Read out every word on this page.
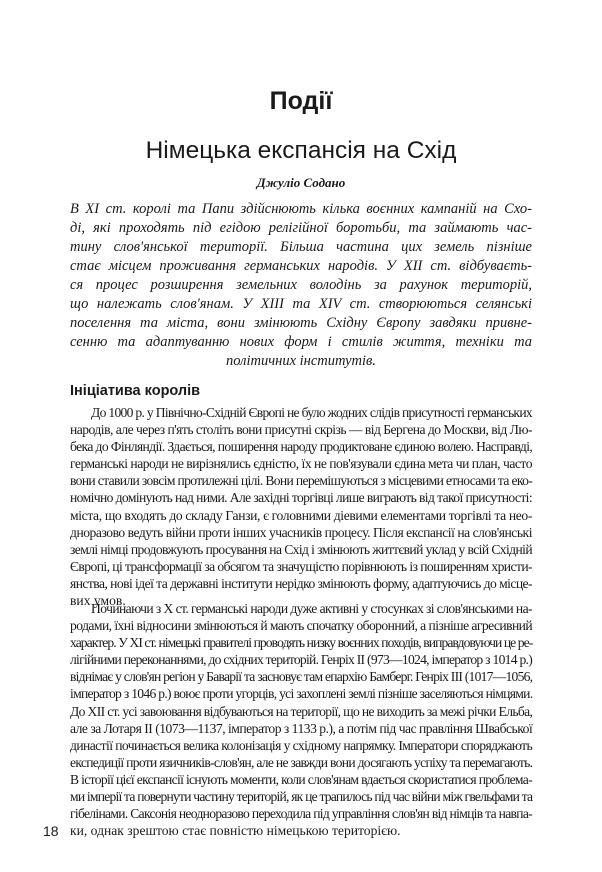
Події
Німецька експансія на Схід

Джуліо Содано

В XI ст. королі та Папи здійснюють кілька воєнних кампаній на Схо-
ді, які проходять під егідою релігійної боротьби, та займають час-
тину слов'янської території. Більша частина цих земель пізніше
стає місцем проживання германських народів. У XII ст. відбуваєть-
ся процес розширення земельних володінь за рахунок територій,
що належать слов'янам. У XIII та XIV ст. створюються селянські
поселення та міста, вони змінюють Східну Європу завдяки привне-
сенню та адаптуванню нових форм і стилів життя, техніки та
політичних інститутів.
Ініціатива королів
До 1000 р. у Північно-Східній Європі не було жодних слідів присутності германських
народів, але через п'ять століть вони присутні скрізь — від Бергена до Москви, від Лю-
бека до Фінляндії. Здається, поширення народу продиктоване єдиною волею. Насправді,
германські народи не вирізнялись єдністю, їх не пов'язували єдина мета чи план, часто
вони ставили зовсім протилежні цілі. Вони перемішуються з місцевими етносами та еко-
номічно домінують над ними. Але західні торгівці лише виграють від такої присутності:
міста, що входять до складу Ганзи, є головними діевими елементами торгівлі та нео-
дноразово ведуть війни проти інших учасників процесу. Після експансії на слов'янські
землі німці продовжують просування на Схід і змінюють життєвий уклад у всій Східній
Європі, ці трансформації за обсягом та значущістю порівнюють із поширенням христи-
янства, нові ідеї та державні інститути нерідко змінюють форму, адаптуючись до місце-
вих умов.
Починаючи з X ст. германські народи дуже активні у стосунках зі слов'янськими на-
родами, їхні відносини змінюються й мають спочатку оборонний, а пізніше агресивний
характер. У XI ст. німецькі правителі проводять низку воєнних походів, виправдовуючи це ре-
лігійними переконаннями, до східних територій. Генріх II (973—1024, імператор з 1014 р.)
віднімає у слов'ян регіон у Баварії та засновує там епархію Бамберг. Генріх III (1017—1056,
імператор з 1046 р.) воює проти угорців, усі захоплені землі пізніше заселяються німцями.
До XII ст. усі завоювання відбуваються на території, що не виходить за межі річки Ельба,
але за Лотаря II (1073—1137, імператор з 1133 р.), а потім під час правління Швабської
династії починається велика колонізація у східному напрямку. Імператори споряджають
експедиції проти язичників-слов'ян, але не завжди вони досягають успіху та перемагають.
В історії цієї експансії існують моменти, коли слов'янам вдається скористатися проблема-
ми імперії та повернути частину територій, як це трапилось під час війни між гвельфами та
гібелінами. Саксонія неодноразово переходила під управління слов'ян від німців та навпа-
ки, однак зрештою стає повністю німецькою територією.
18
